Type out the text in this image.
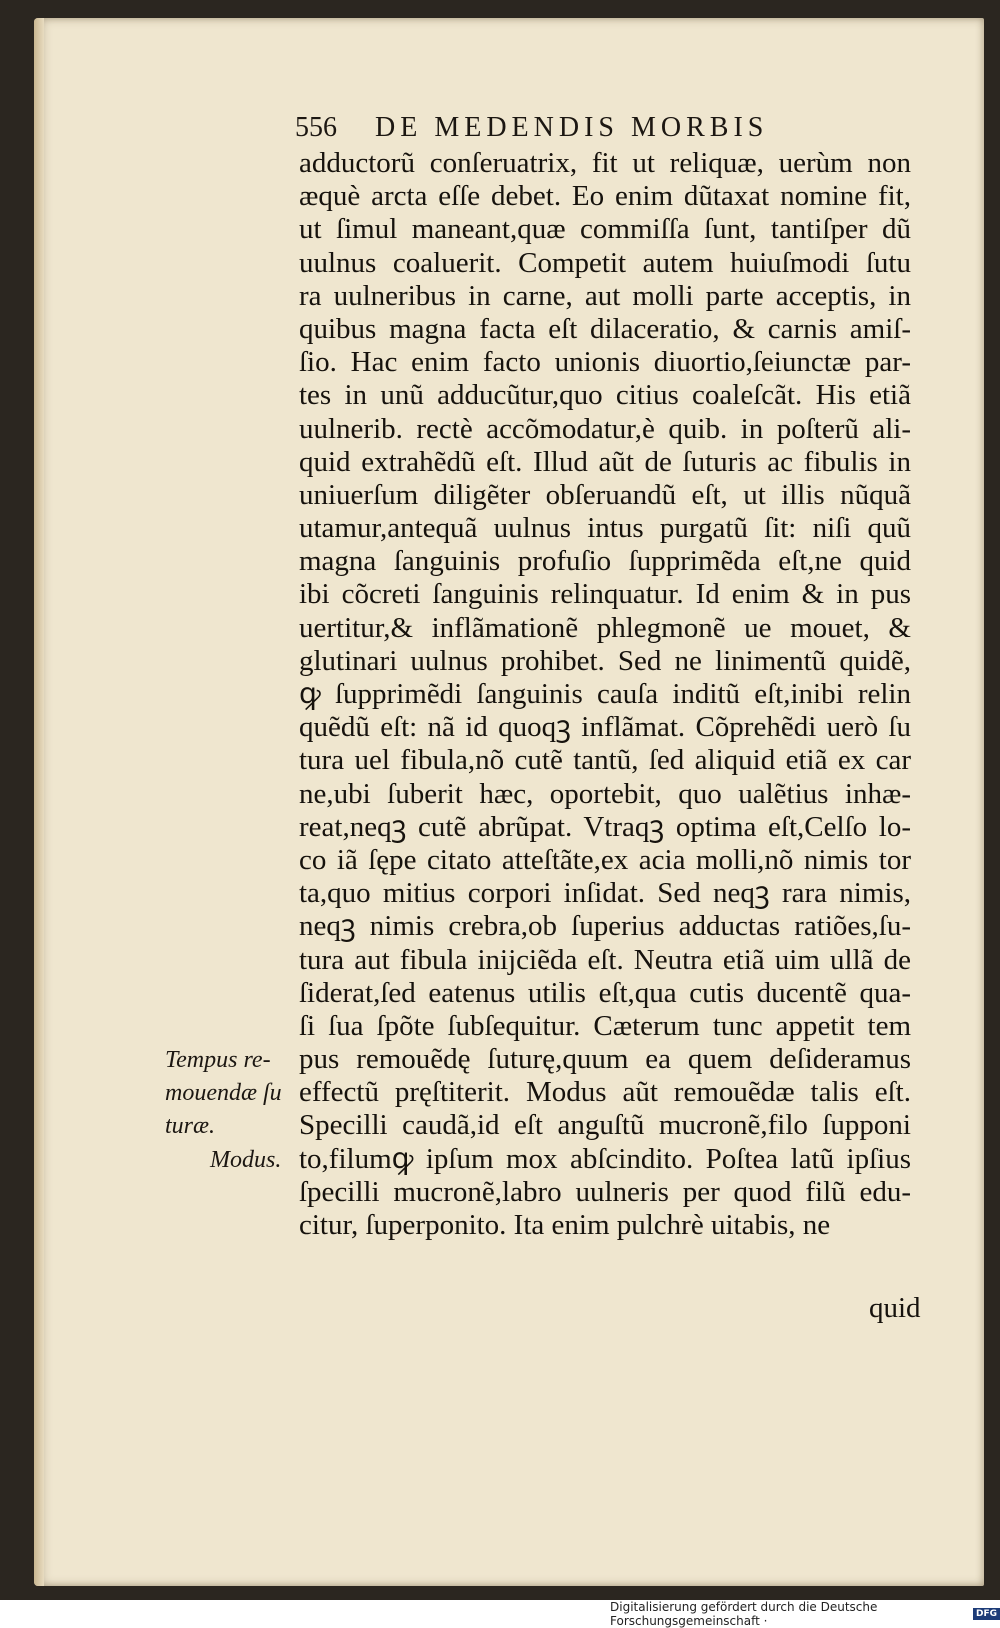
556	DE MEDENDIS MORBIS
adductorũ conſeruatrix, fit ut reliquæ, uerùm non
æquè arcta eſſe debet. Eo enim dũtaxat nomine fit,
ut ſimul maneant,quæ commiſſa ſunt, tantiſper dũ
uulnus coaluerit. Competit autem huiuſmodi ſutu
ra uulneribus in carne, aut molli parte acceptis, in
quibus magna facta eſt dilaceratio, & carnis amiſ-
ſio. Hac enim facto unionis diuortio,ſeiunctæ par-
tes in unũ adducũtur,quo citius coaleſcãt. His etiã
uulnerib. rectè accõmodatur,è quib. in poſterũ ali-
quid extrahẽdũ eſt. Illud aũt de ſuturis ac fibulis in
uniuerſum diligẽter obſeruandũ eſt, ut illis nũquã
utamur,antequã uulnus intus purgatũ ſit: niſi quũ
magna ſanguinis profuſio ſupprimẽda eſt,ne quid
ibi cõcreti ſanguinis relinquatur. Id enim & in pus
uertitur,& inflãmationẽ phlegmonẽ ue mouet, &
glutinari uulnus prohibet. Sed ne linimentũ quidẽ,
ꝙ ſupprimẽdi ſanguinis cauſa inditũ eſt,inibi relin
quẽdũ eſt: nã id quoqꝫ inflãmat. Cõprehẽdi uerò ſu
tura uel fibula,nõ cutẽ tantũ, ſed aliquid etiã ex car
ne,ubi ſuberit hæc, oportebit, quo ualẽtius inhæ-
reat,neqꝫ cutẽ abrũpat. Vtraqꝫ optima eſt,Celſo lo-
co iã ſępe citato atteſtãte,ex acia molli,nõ nimis tor
ta,quo mitius corpori inſidat. Sed neqꝫ rara nimis,
neqꝫ nimis crebra,ob ſuperius adductas ratiões,ſu-
tura aut fibula inijciẽda eſt. Neutra etiã uim ullã de
ſiderat,ſed eatenus utilis eſt,qua cutis ducentẽ qua-
ſi ſua ſpõte ſubſequitur. Cæterum tunc appetit tem
pus remouẽdę ſuturę,quum ea quem deſideramus
effectũ pręſtiterit. Modus aũt remouẽdæ talis eſt.
Specilli caudã,id eſt anguſtũ mucronẽ,filo ſupponi
to,filumꝙ ipſum mox abſcindito. Poſtea latũ ipſius
ſpecilli mucronẽ,labro uulneris per quod filũ edu-
citur, ſuperponito. Ita enim pulchrè uitabis, ne
quid
Tempus re-
mouendæ ſu
turæ.
Modus.
Digitalisierung gefördert durch die Deutsche Forschungsgemeinschaft ·	DFG
